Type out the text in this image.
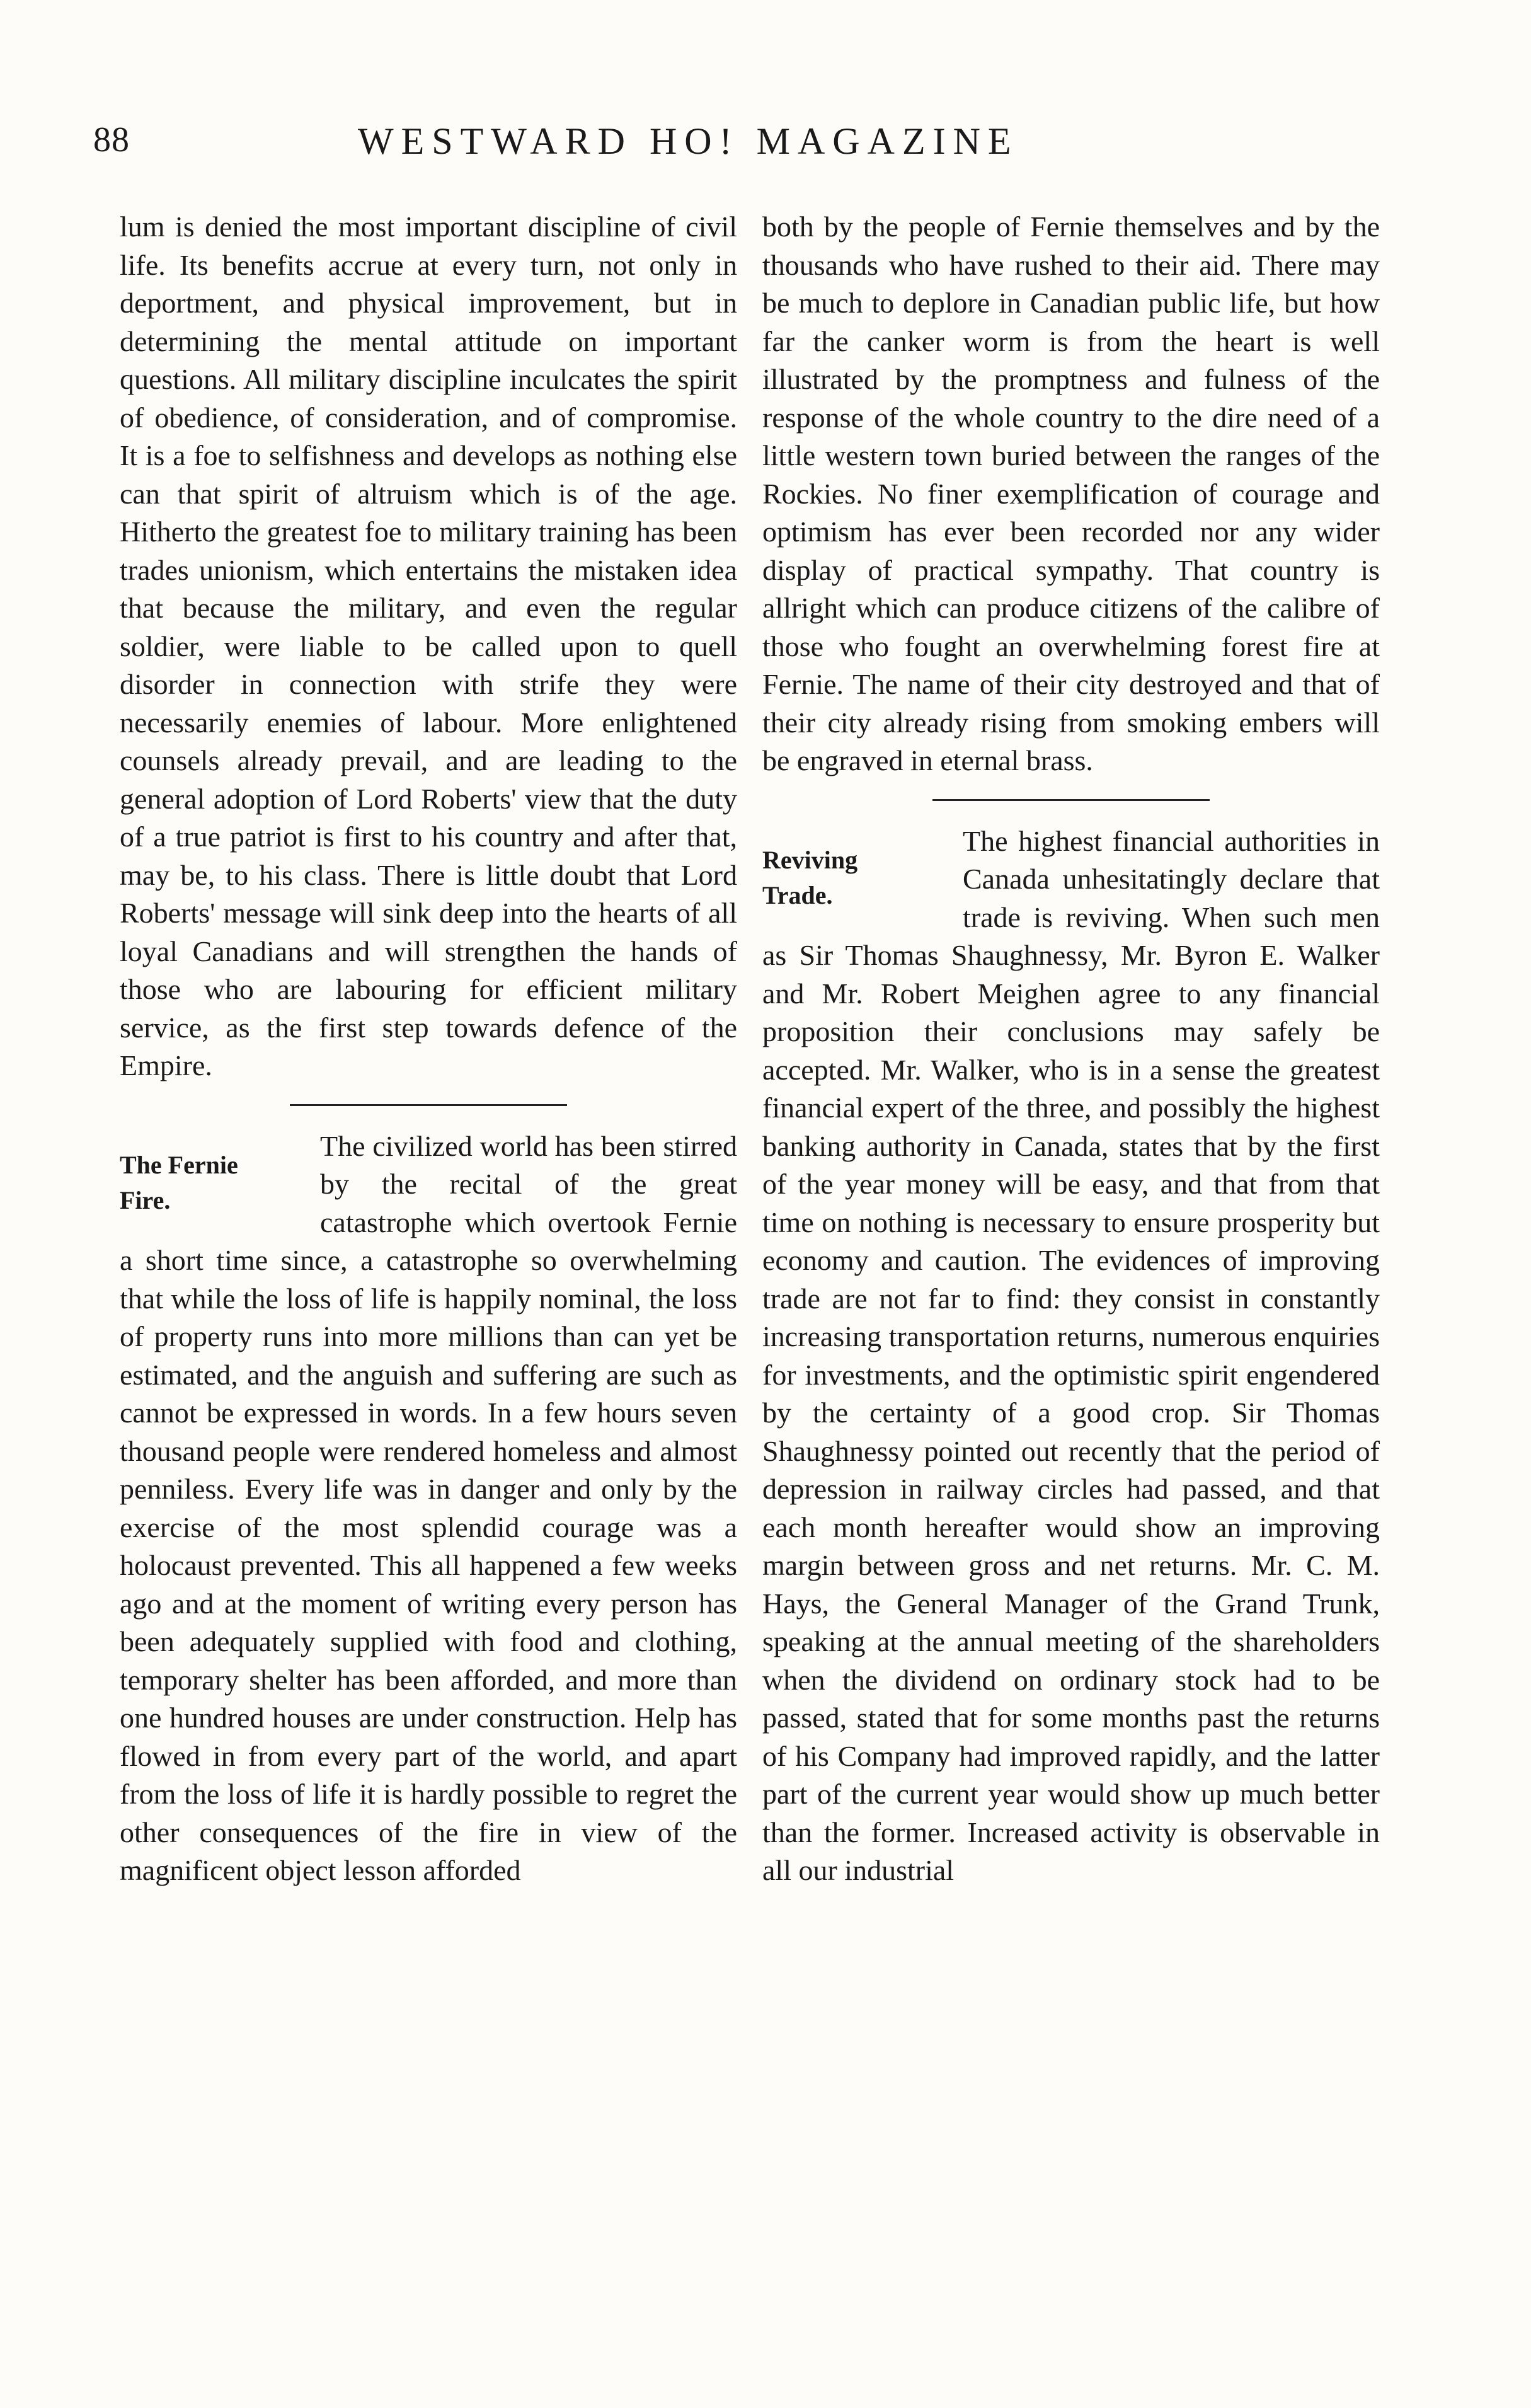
88	WESTWARD HO! MAGAZINE

lum is denied the most important discipline of civil life. Its benefits accrue at every turn, not only in deportment, and physical improvement, but in determining the mental attitude on important questions. All military discipline inculcates the spirit of obedience, of consideration, and of compromise. It is a foe to selfishness and develops as nothing else can that spirit of altruism which is of the age. Hitherto the greatest foe to military training has been trades unionism, which entertains the mistaken idea that because the military, and even the regular soldier, were liable to be called upon to quell disorder in connection with strife they were necessarily enemies of labour. More enlightened counsels already prevail, and are leading to the general adoption of Lord Roberts' view that the duty of a true patriot is first to his country and after that, may be, to his class. There is little doubt that Lord Roberts' message will sink deep into the hearts of all loyal Canadians and will strengthen the hands of those who are labouring for efficient military service, as the first step towards defence of the Empire.

The Fernie
Fire.

The civilized world has been stirred by the recital of the great catastrophe which overtook Fernie a short time since, a catastrophe so overwhelming that while the loss of life is happily nominal, the loss of property runs into more millions than can yet be estimated, and the anguish and suffering are such as cannot be expressed in words. In a few hours seven thousand people were rendered homeless and almost penniless. Every life was in danger and only by the exercise of the most splendid courage was a holocaust prevented. This all happened a few weeks ago and at the moment of writing every person has been adequately supplied with food and clothing, temporary shelter has been afforded, and more than one hundred houses are under construction. Help has flowed in from every part of the world, and apart from the loss of life it is hardly possible to regret the other consequences of the fire in view of the magnificent object lesson afforded

both by the people of Fernie themselves and by the thousands who have rushed to their aid. There may be much to deplore in Canadian public life, but how far the canker worm is from the heart is well illustrated by the promptness and fulness of the response of the whole country to the dire need of a little western town buried between the ranges of the Rockies. No finer exemplification of courage and optimism has ever been recorded nor any wider display of practical sympathy. That country is allright which can produce citizens of the calibre of those who fought an overwhelming forest fire at Fernie. The name of their city destroyed and that of their city already rising from smoking embers will be engraved in eternal brass.

Reviving
Trade.

The highest financial authorities in Canada unhesitatingly declare that trade is reviving. When such men as Sir Thomas Shaughnessy, Mr. Byron E. Walker and Mr. Robert Meighen agree to any financial proposition their conclusions may safely be accepted. Mr. Walker, who is in a sense the greatest financial expert of the three, and possibly the highest banking authority in Canada, states that by the first of the year money will be easy, and that from that time on nothing is necessary to ensure prosperity but economy and caution. The evidences of improving trade are not far to find: they consist in constantly increasing transportation returns, numerous enquiries for investments, and the optimistic spirit engendered by the certainty of a good crop. Sir Thomas Shaughnessy pointed out recently that the period of depression in railway circles had passed, and that each month hereafter would show an improving margin between gross and net returns. Mr. C. M. Hays, the General Manager of the Grand Trunk, speaking at the annual meeting of the shareholders when the dividend on ordinary stock had to be passed, stated that for some months past the returns of his Company had improved rapidly, and the latter part of the current year would show up much better than the former. Increased activity is observable in all our industrial
